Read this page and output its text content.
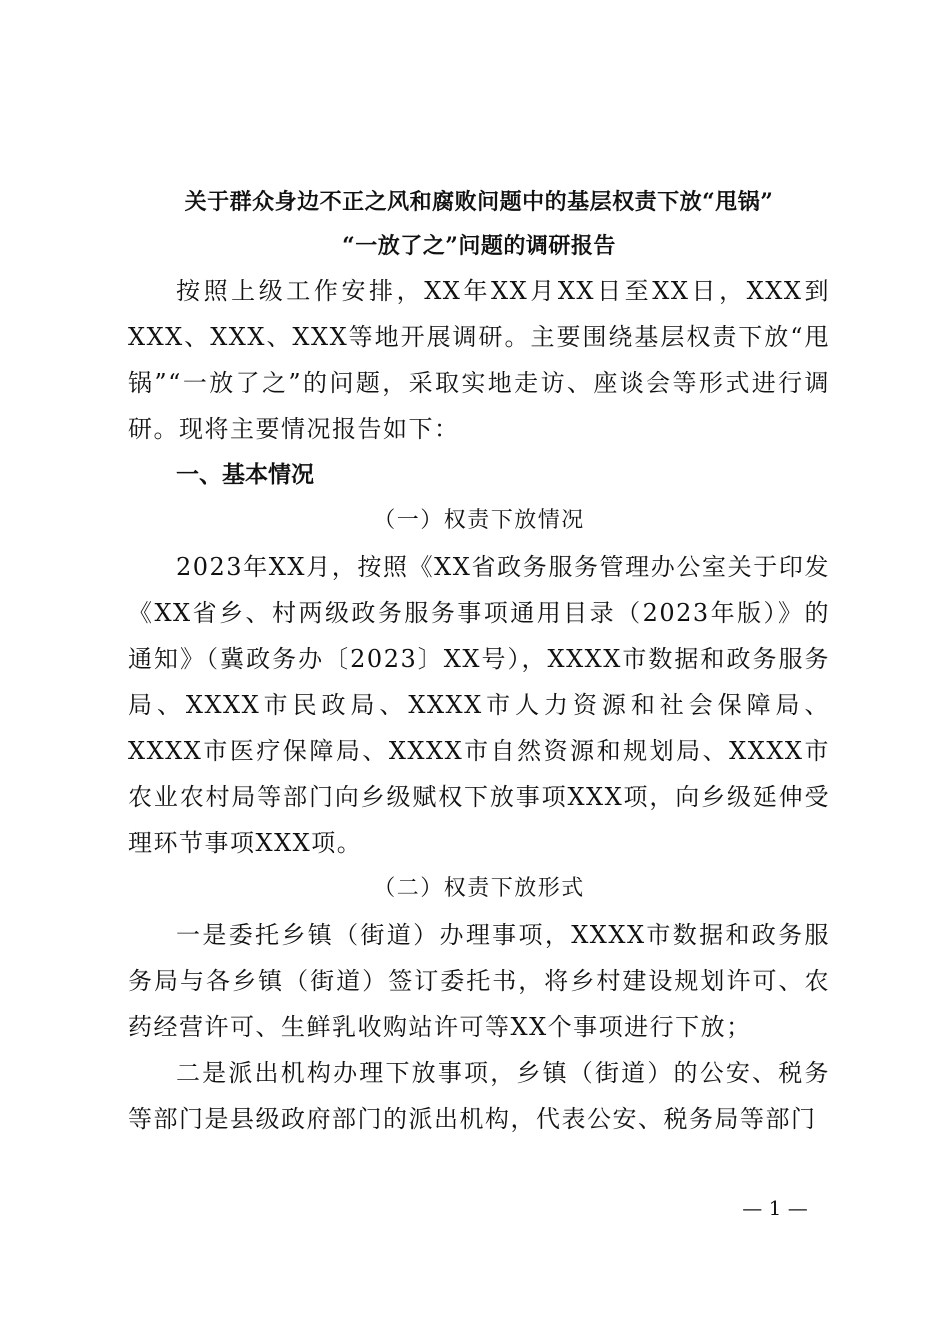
关于群众身边不正之风和腐败问题中的基层权责下放“甩锅”
“一放了之”问题的调研报告

按照上级工作安排，XX年XX月XX日至XX日，XXX到XXX、XXX、XXX等地开展调研。主要围绕基层权责下放“甩锅”“一放了之”的问题，采取实地走访、座谈会等形式进行调研。现将主要情况报告如下：

一、基本情况
（一）权责下放情况

2023年XX月，按照《XX省政务服务管理办公室关于印发《XX省乡、村两级政务服务事项通用目录（2023年版）》的通知》（冀政务办〔2023〕XX号），XXXX市数据和政务服务局、XXXX市民政局、XXXX市人力资源和社会保障局、XXXX市医疗保障局、XXXX市自然资源和规划局、XXXX市农业农村局等部门向乡级赋权下放事项XXX项，向乡级延伸受理环节事项XXX项。

（二）权责下放形式

一是委托乡镇（街道）办理事项，XXXX市数据和政务服务局与各乡镇（街道）签订委托书，将乡村建设规划许可、农药经营许可、生鲜乳收购站许可等XX个事项进行下放；

二是派出机构办理下放事项，乡镇（街道）的公安、税务等部门是县级政府部门的派出机构，代表公安、税务局等部门

— 1 —
